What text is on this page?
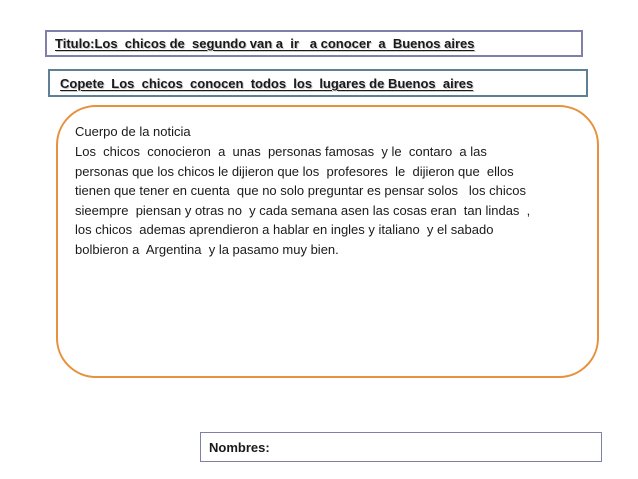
Titulo:Los  chicos de  segundo van a  ir   a conocer  a  Buenos aires
Copete  Los  chicos  conocen  todos  los  lugares de Buenos  aires
Cuerpo de la noticia
Los  chicos  conocieron  a  unas  personas famosas  y le  contaro  a las
personas que los chicos le dijieron que los  profesores  le  dijieron que  ellos
tienen que tener en cuenta  que no solo preguntar es pensar solos   los chicos
sieempre  piensan y otras no  y cada semana asen las cosas eran  tan lindas  ,
los chicos  ademas aprendieron a hablar en ingles y italiano  y el sabado
bolbieron a  Argentina  y la pasamo muy bien.
Nombres:
